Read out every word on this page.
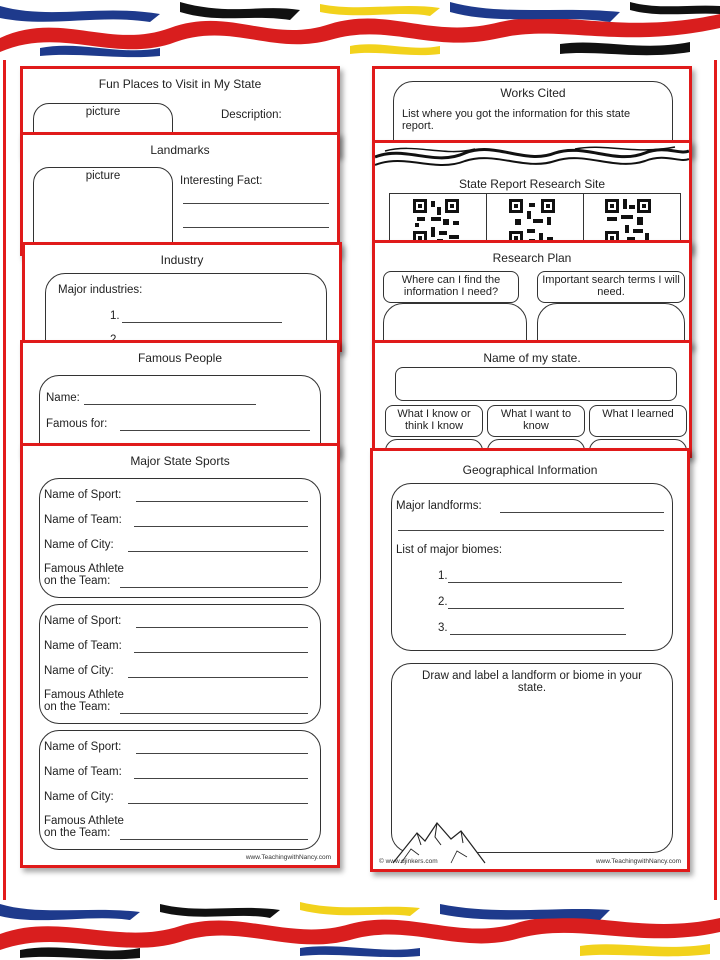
Fun Places to Visit in My State
picture	Description:
Landmarks
picture	Interesting Fact:
Industry
Major industries:
1.
Famous People
Name:
Famous for:
Major State Sports
Name of Sport:
Name of Team:
Name of City:
Famous Athlete
on the Team:
Name of Sport:
Name of Team:
Name of City:
Famous Athlete
on the Team:
Name of Sport:
Name of Team:
Name of City:
Famous Athlete
on the Team:
www.TeachingwithNancy.com
Works Cited
List where you got the information for this state report.
State Report Research Site
Research Plan
Where can I find the information I need?
Important search terms I will need.
Name of my state.
What I know or think I know
What I want to know
What I learned
Geographical Information
Major landforms:
List of major biomes:
1.
2.
3.
Draw and label a landform or biome in your state.
© www.djinkers.com	www.TeachingwithNancy.com
